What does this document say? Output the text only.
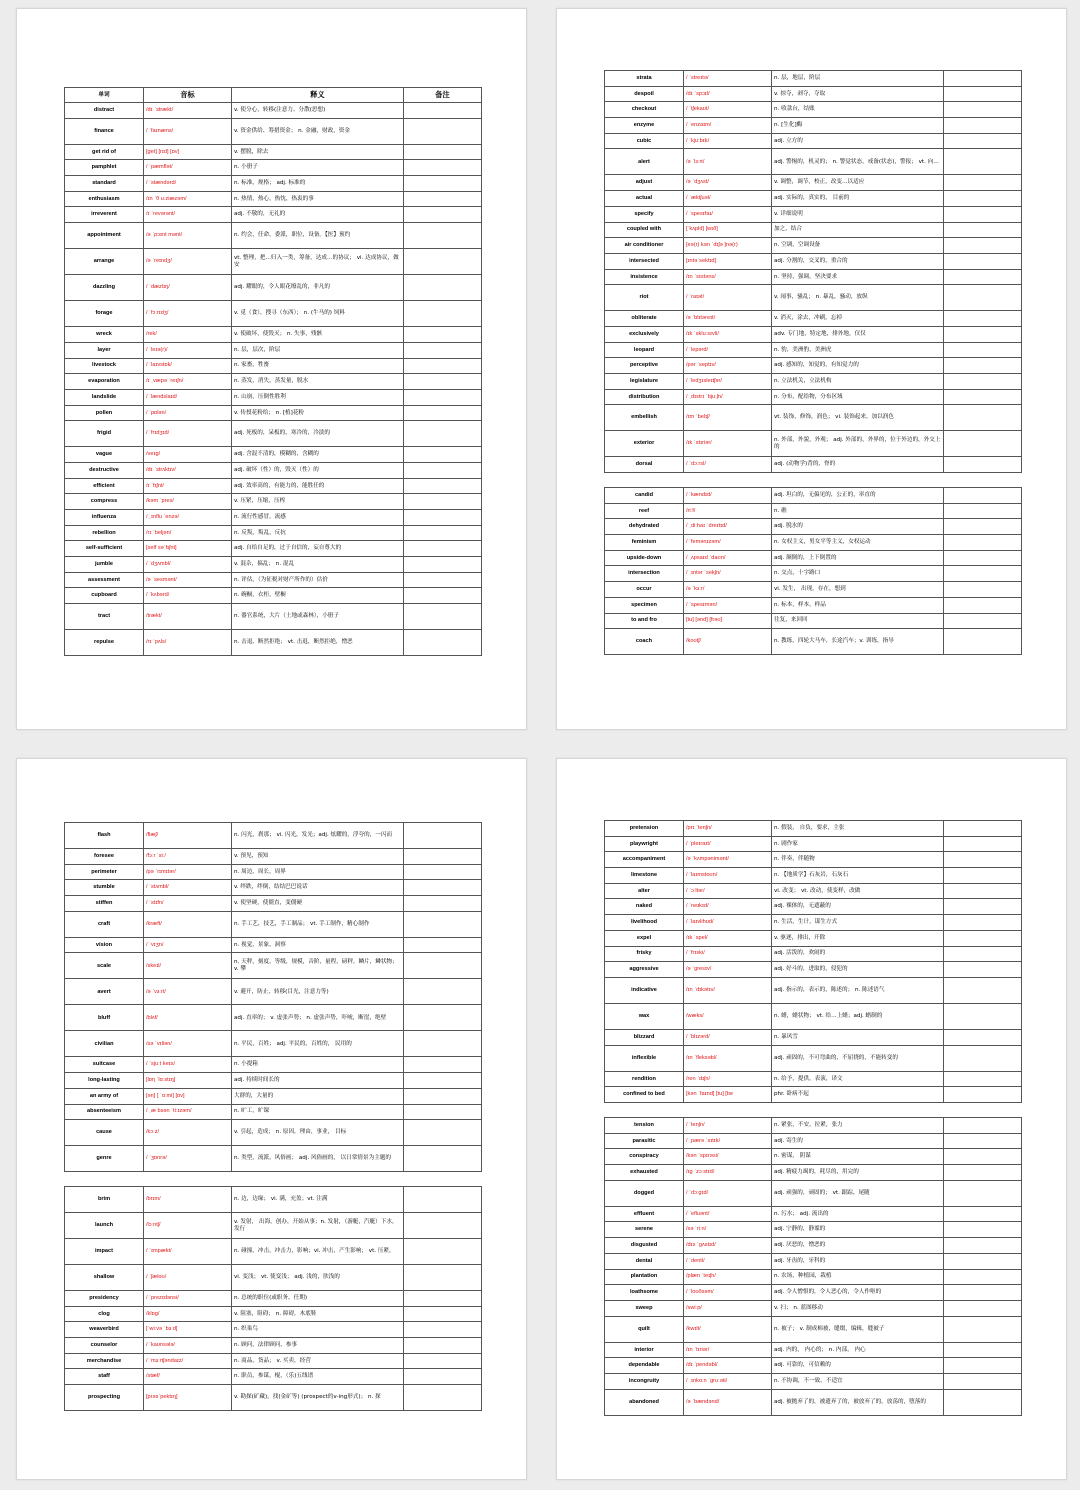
单词	音标	释义	备注
distract	/dɪ ˈstrækt/	v. 使分心，转移(注意力、分散(思想)	
finance	/ ˈfaɪnæns/	v. 资金供给、筹措资金； n. 金融，财政，资金	
get rid of	[ɡet] [rɪd] [ɒv]	v. 摆脱，除去	
pamphlet	/ ˈpæmflət/	n. 小册子	
standard	/ ˈstændərd/	n. 标准，规格； adj. 标准的	
enthusiasm	/ɪn ˈθ uːziæzəm/	n. 热情，热心，热忱，热衷的事	
irreverent	/ɪ ˈrevərənt/	adj. 不敬的，无礼的	
appointment	/ə ˈpɔɪnt mənt/	n. 约会，任命，委派，职位，设备。【医】预约	
arrange	/ə ˈreɪndʒ/	vt. 整理，把…归入一类，筹备，达成…的协议； vi. 达成协议，做安	
dazzling	/ ˈdæzlɪŋ/	adj. 耀眼的，令人眼花缭乱的，非凡的	
forage	/ ˈfɔːrɪdʒ/	v. 觅（食），搜寻（东西）； n. (牛马的) 饲料	
wreck	/rek/	v. 使破坏，使毁灭； n. 失事，残骸	
layer	/ ˈleɪə(r)/	n. 层，层次，阶层	
livestock	/ ˈlaɪvstɒk/	n. 家畜，牲畜	
evaporation	/ɪ ˌvæpə ˈreɪʃn/	n. 蒸发，消失，蒸发量，脱水	
landslide	/ ˈlændslaɪd/	n. 山崩，压倒性胜利	
pollen	/ ˈpɒlən/	v. 传授花粉给； n. [植]花粉	
frigid	/ ˈfrɪdʒɪd/	adj. 死板的，呆板的，寒冷的，冷淡的	
vague	/veɪɡ/	adj. 含混不清的，模糊的，含糊的	
destructive	/dɪ ˈstrʌktɪv/	adj. 破坏（性）的，毁灭（性）的	
efficient	/ɪ ˈfɪʃnt/	adj. 效率高的，有能力的，能胜任的	
compress	/kəm ˈpres/	v. 压紧，压缩，压榨	
influenza	/ ˌɪnflu ˈenzə/	n. 流行性感冒，流感	
rebellion	/rɪ ˈbeljən/	n. 反叛，叛乱，反抗	
self-sufficient	[self səˈfɪʃnt]	adj. 自给自足的，过于自信的，妄自尊大的	
jumble	/ ˈdʒʌmbl/	v. 混杂，搞乱； n. 混乱	
assessment	/ə ˈsesmənt/	n. 评估，（为征税对财产所作的）估价	
cupboard	/ ˈkʌbərd/	n. 碗橱，衣柜，壁橱	
tract	/trækt/	n. 器官系统，大片（土地或森林），小册子	
repulse	/rɪ ˈpʌls/	n. 击退，断然拒绝； vt. 击退，断然拒绝，憎恶	
strata	/ ˈstreɪtə/	n. 层，地层，阶层	
despoil	/dɪ ˈspɔɪl/	v. 掠夺，剥夺，夺取	
checkout	/ ˈtʃekaʊt/	n. 收款台，结账	
enzyme	/ ˈenzaɪm/	n. [生化]酶	
cubic	/ ˈkjuːbɪk/	adj. 立方的	
alert	/ə ˈlɜːrt/	adj. 警惕的，机灵的； n. 警觉状态，戒备(状态)，警报； vt. 向…	
adjust	/ə ˈdʒʌst/	v. 调整，调节，校正，改变…以适应	
actual	/ ˈæktʃuəl/	adj. 实际的，真实的， 目前的	
specify	/ ˈspesɪfaɪ/	v. 详细说明	
coupled with	[ˈkʌpld] [wɪð]	加之，结合	
air conditioner	[eə(r) kən ˈdɪʃə ]nə(r)	n. 空调，空调设备	
intersected	[ɪntəˈsektɪd]	adj. 分割的，交叉的，重合的	
insistence	/ɪn ˈsɪstəns/	n. 坚持，强调，坚决要求	
riot	/ ˈraɪət/	v. 闹事，骚乱； n. 暴乱，骚动，放纵	
obliterate	/ə ˈblɪtəreɪt/	v. 消灭，涂去，冲刷，忘掉	
exclusively	/ɪk ˈskluːsɪvli/	adv. 专门地，特定地，排外地，仅仅	
leopard	/ ˈlepərd/	n. 豹，美洲豹，美洲虎	
perceptive	/pər ˈseptɪv/	adj. 感知的，知觉的，有知觉力的	
legislature	/ ˈledʒɪsleɪtʃər/	n. 立法机关，立法机构	
distribution	/ ˌdɪstrɪ ˈbjuːʃn/	n. 分布，配给物，分布区域	
embellish	/ɪm ˈbelɪʃ/	vt. 装饰，修饰，润色； vi. 装饰起来，加以润色	
exterior	/ɪk ˈstɪriər/	n. 外部，外貌，外观； adj. 外部的，外界的，位于外边的，外交上的	
dorsal	/ ˈdɔːrsl/	adj. (动物学)背的，脊的	
candid	/ ˈkændɪd/	adj. 坦白的，无偏见的，公正的，率直的	
reef	/riːf/	n. 礁	
dehydrated	/ ˌdiːhaɪ ˈdreɪtɪd/	adj. 脱水的	
feminism	/ ˈfemənɪzəm/	n. 女权主义，男女平等主义，女权运动	
upside-down	/ ˌʌpsaɪd ˈdaʊn/	adj. 颠倒的，上下倒置的	
intersection	/ ˌɪntər ˈsekʃn/	n. 交点，十字路口	
occur	/ə ˈkɜːr/	vi. 发生， 出现，存在，想到	
specimen	/ ˈspesɪmən/	n. 标本，样本，样品	
to and fro	[tu] [ənd] [frəʊ]	往复，来回回	
coach	/koʊtʃ/	n. 教练，四轮大马车，长途汽车；v. 训练，指导	
flash	/flæʃ/	n. 闪光，刹那； vi. 闪光，发光；adj. 炫耀的，浮夸的，一闪而	
foresee	/fɔːr ˈsiː/	v. 预见，预知	
perimeter	/pə ˈrɪmɪtər/	n. 周边，周长，周界	
stumble	/ ˈstʌmbl/	v. 绊跌，绊倒，结结巴巴说话	
stiffen	/ ˈstɪfn/	v. 使坚硬，使僵直，变僵硬	
craft	/kræft/	n. 手工艺，技艺，手工制品； vt. 手工制作，精心制作	
vision	/ ˈvɪʒn/	n. 视觉，景象，洞察	
scale	/skeɪl/	n. 天秤，刻度，等级，规模，音阶，量程，磅秤，鳞片，鳞状物； v. 攀	
avert	/ə ˈvɜːrt/	v. 避开，防止，转移(目光，注意力等)	
bluff	/blʌf/	adj. 直率的； v. 虚张声势； n. 虚张声势，吓唬，断崖，绝壁	
civilian	/sə ˈvɪliən/	n. 平民，百姓； adj. 平民的，百姓的， 民用的	
suitcase	/ ˈsjuːt keɪs/	n. 小提箱	
long-lasting	[lɒŋ ˈlɑːstɪŋ]	adj. 持续时间长的	
an army of	[ən] [ ˈɑːmi] [ɒv]	大群的，大量的	
absenteeism	/ ˌæ bsən ˈtiːɪzəm/	n. 旷工，旷课	
cause	/kɔːz/	v. 引起，造成； n. 原因，理由，事业， 目标	
genre	/ ˈʒɒnrə/	n. 类型，流派，风俗画； adj. 风俗画的， 以日常情景为主题的	
brim	/brɪm/	n. 边，边缘； vi. 满，充盈；vt. 注满	
launch	/lɔːntʃ/	v. 发射， 出海，创办，开始从事；n. 发射，（游艇，汽艇）下水，发行	
impact	/ ˈɪmpækt/	n. 碰撞，冲击，冲击力，影响；vi. 冲击，产生影响； vt. 压紧，	
shallow	/ ˈʃæloʊ/	vi. 变浅； vt. 使变浅； adj. 浅的，肤浅的	
presidency	/ ˈprezɪdənsi/	n. 总统的职位(或职务、任期)	
clog	/klɒɡ/	v. 阻塞，阻碍； n. 障碍，木底鞋	
weaverbird	[ˈwiːvə ˈbɜːd]	n. 织巢鸟	
counselor	/ ˈkaʊnsələ/	n. 顾问，法律顾问，参事	
merchandise	/ ˈmɜːrtʃəndaɪz/	n. 商品，货品； v. 买卖，经营	
staff	/stæf/	n. 职员，参谋，棍，（乐)五线谱	
prospecting	[prəsˈpektɪŋ]	v. 勘探(矿藏)，找(金矿等) (prospect的v-ing形式)； n. 探	
pretension	/prɪ ˈtenʃn/	n. 假装， 自负，要求，主张	
playwright	/ ˈpleɪraɪt/	n. 剧作家	
accompaniment	/ə ˈkʌmpənimənt/	n. 伴奏，伴随物	
limestone	/ ˈlaɪmstoʊn/	n. 【地质学】石灰岩，石灰石	
alter	/ ˈɔːltər/	vi. 改变； vt. 改动，使变样，改做	
naked	/ ˈneɪkɪd/	adj. 裸体的，无遮蔽的	
livelihood	/ ˈlaɪvlihʊd/	n. 生活，生计，谋生方式	
expel	/ɪk ˈspel/	v. 驱逐，排出，开除	
frisky	/ ˈfrɪski/	adj. 活泼的，欢闹的	
aggressive	/ə ˈɡresɪv/	adj. 好斗的，进取的，侵犯的	
indicative	/ɪn ˈdɪkətɪv/	adj. 指示的，表示的，陈述的； n. 陈述语气	
wax	/wæks/	n. 蜡，蜡状物； vt. 给…上蜡；adj. 蜡制的	
blizzard	/ ˈblɪzərd/	n. 暴风雪	
inflexible	/ɪn ˈfleksəbl/	adj. 顽固的，不可弯曲的，不屈挠的，不能转变的	
rendition	/ren ˈdɪʃn/	n. 给予，提供，表演，译文	
confined to bed	[kən ˈfaɪnd] [tu] [be	phr. 卧病不起	
tension	/ ˈtenʃn/	n. 紧张，不安，拉紧，张力	
parasitic	/ ˌpærə ˈsɪtɪk/	adj. 寄生的	
conspiracy	/kən ˈspɪrəsi/	n. 密谋， 阴谋	
exhausted	/ɪɡ ˈzɔːstɪd/	adj. 精疲力竭的，耗尽的，用完的	
dogged	/ ˈdɔːɡɪd/	adj. 顽强的，顽固的； vt. 跟踪，尾随	
effluent	/ ˈefluənt/	n. 污水； adj. 流出的	
serene	/sə ˈriːn/	adj. 宁静的，静谧的	
disgusted	/dɪs ˈɡʌstɪd/	adj. 厌恶的，憎恶的	
dental	/ ˈdentl/	adj. 牙齿的，牙科的	
plantation	/plæn ˈteɪʃn/	n. 农场，种植园，栽植	
loathsome	/ ˈloʊðsəm/	adj. 令人憎恨的，令人恶心的，令人作呕的	
sweep	/swiːp/	v. 扫； n. 蓝图移动	
quilt	/kwɪlt/	n. 被子； v. 制成棉被，缝缀，编辑，缝被子	
interior	/ɪn ˈtɪriər/	adj. 内的， 内心的； n. 内部， 内心	
dependable	/dɪ ˈpendəbl/	adj. 可靠的，可信赖的	
incongruity	/ ˌɪnkɑːn ˈɡruːəti/	n. 不协调，不一致，不适宜	
abandoned	/ə ˈbændənd/	adj. 被抛弃了的，被遗弃了的，被放弃了的，放荡的，堕落的	
